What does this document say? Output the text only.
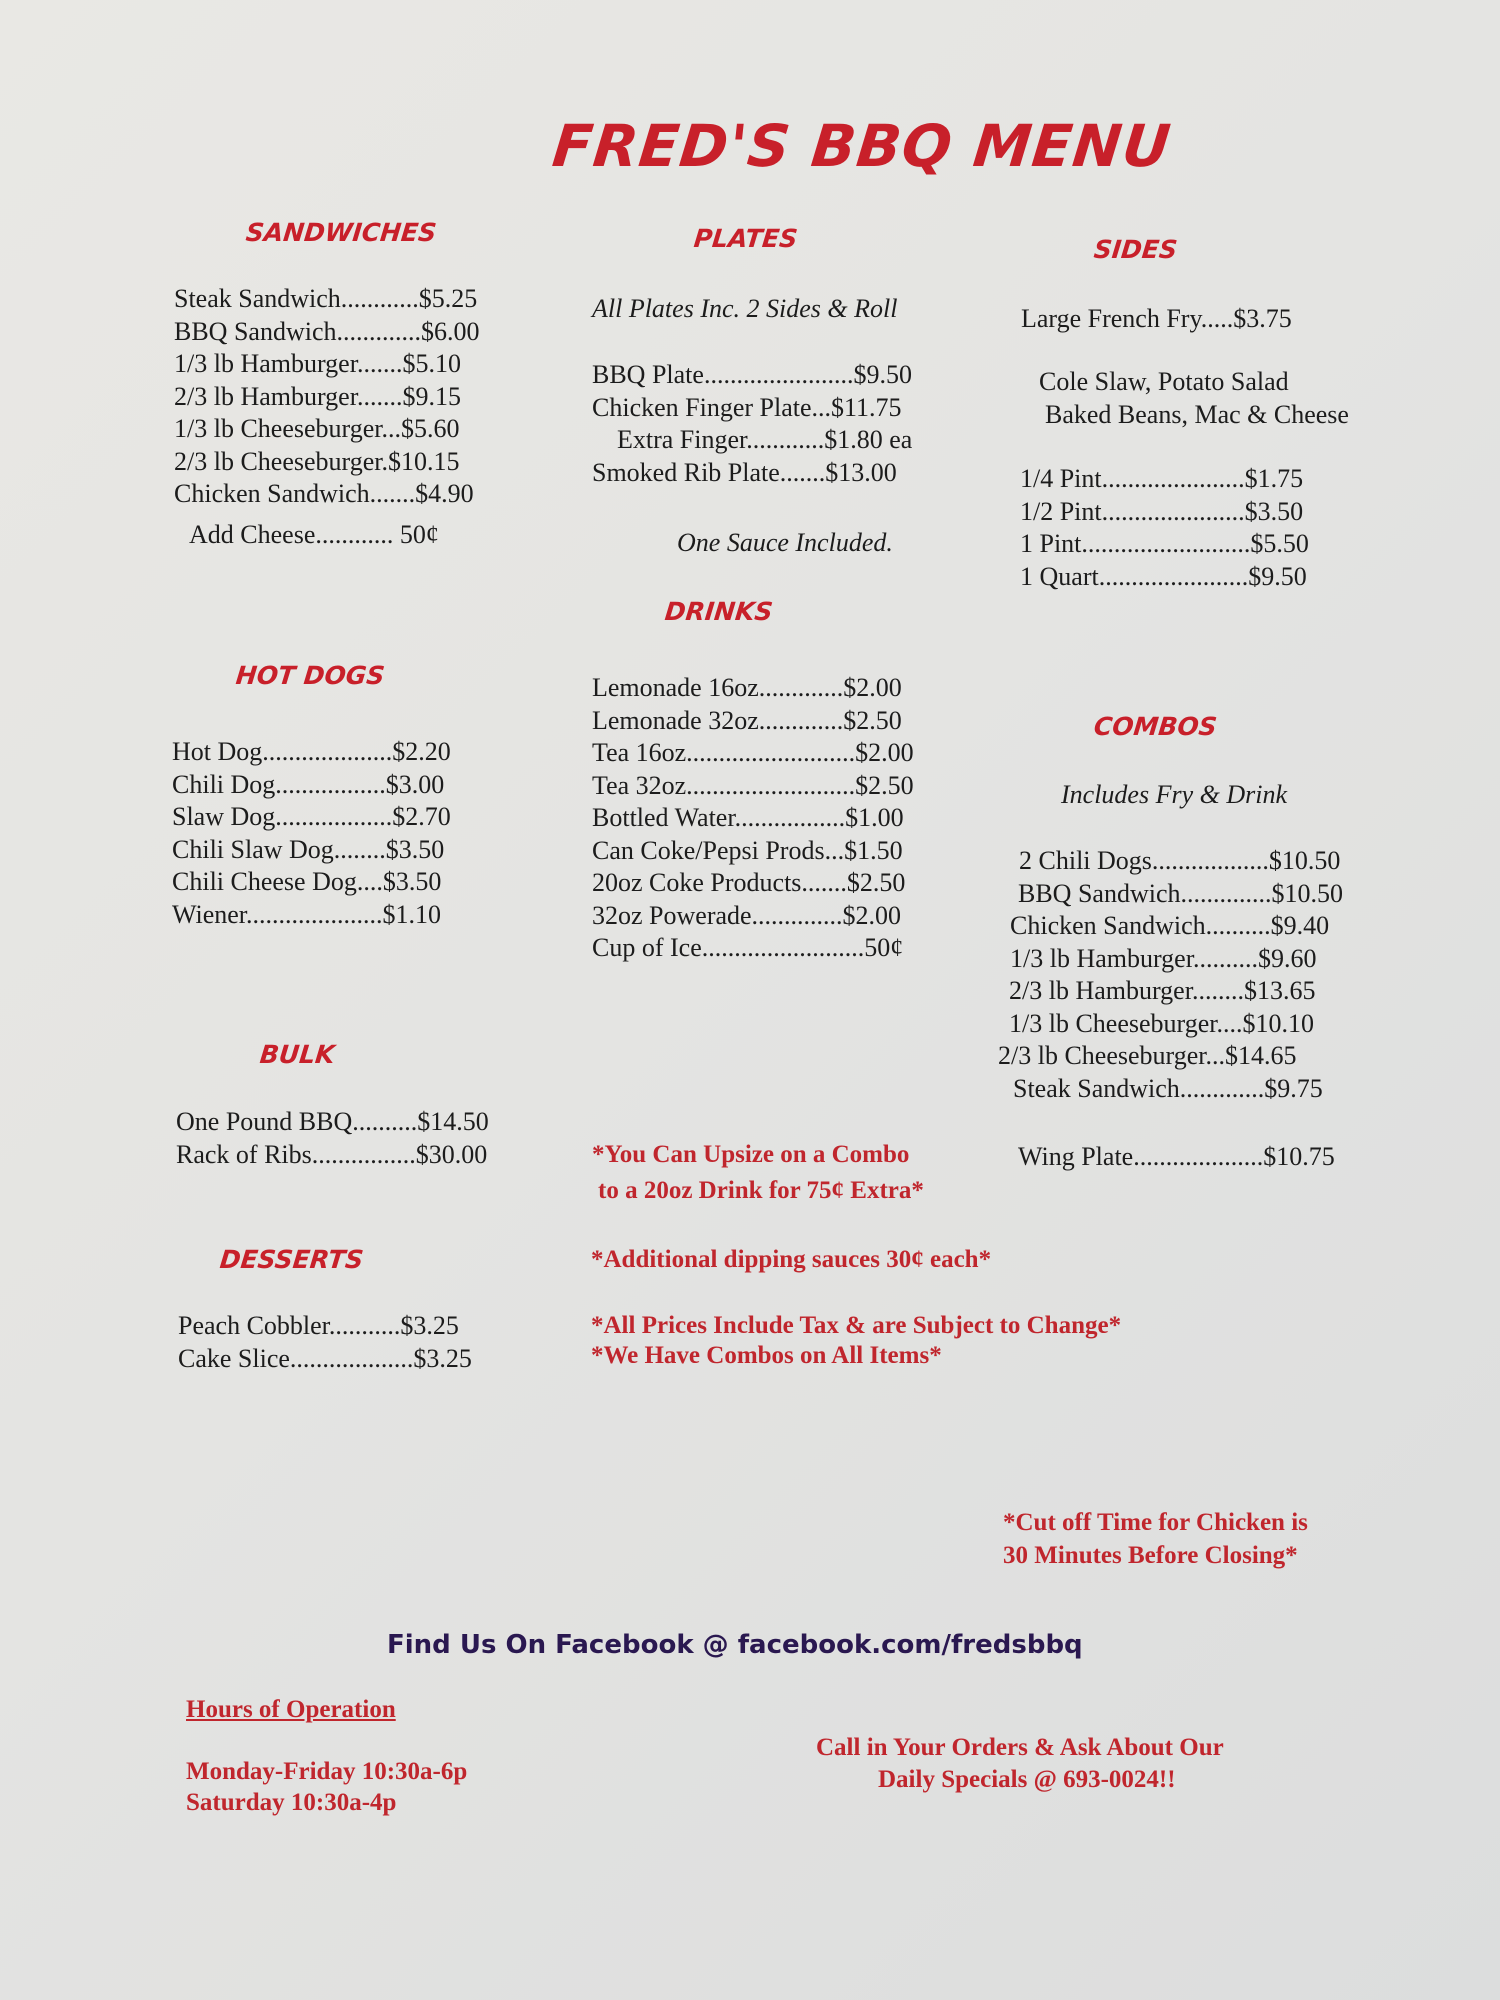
FRED'S BBQ MENU
SANDWICHES
Steak Sandwich............$5.25
BBQ Sandwich.............$6.00
1/3 lb Hamburger.......$5.10
2/3 lb Hamburger.......$9.15
1/3 lb Cheeseburger...$5.60
2/3 lb Cheeseburger.$10.15
Chicken Sandwich.......$4.90
Add Cheese............ 50¢
PLATES
All Plates Inc. 2 Sides & Roll
BBQ Plate.......................$9.50
Chicken Finger Plate...$11.75
Extra Finger............$1.80 ea
Smoked Rib Plate.......$13.00
One Sauce Included.
SIDES
Large French Fry.....$3.75
Cole Slaw, Potato Salad
Baked Beans, Mac & Cheese
1/4 Pint......................$1.75
1/2 Pint......................$3.50
1 Pint..........................$5.50
1 Quart.......................$9.50
DRINKS
Lemonade 16oz.............$2.00
Lemonade 32oz.............$2.50
Tea 16oz..........................$2.00
Tea 32oz..........................$2.50
Bottled Water.................$1.00
Can Coke/Pepsi Prods...$1.50
20oz Coke Products.......$2.50
32oz Powerade..............$2.00
Cup of Ice.........................50¢
HOT DOGS
Hot Dog....................$2.20
Chili Dog.................$3.00
Slaw Dog..................$2.70
Chili Slaw Dog........$3.50
Chili Cheese Dog....$3.50
Wiener.....................$1.10
COMBOS
Includes Fry & Drink
2 Chili Dogs..................$10.50
BBQ Sandwich..............$10.50
Chicken Sandwich..........$9.40
1/3 lb Hamburger..........$9.60
2/3 lb Hamburger........$13.65
1/3 lb Cheeseburger....$10.10
2/3 lb Cheeseburger...$14.65
Steak Sandwich.............$9.75
Wing Plate....................$10.75
BULK
One Pound BBQ..........$14.50
Rack of Ribs................$30.00
DESSERTS
Peach Cobbler...........$3.25
Cake Slice...................$3.25
*You Can Upsize on a Combo
to a 20oz Drink for 75¢ Extra*
*Additional dipping sauces 30¢ each*
*All Prices Include Tax & are Subject to Change*
*We Have Combos on All Items*
*Cut off Time for Chicken is
30 Minutes Before Closing*
Find Us On Facebook @ facebook.com/fredsbbq
Hours of Operation
Monday-Friday 10:30a-6p
Saturday 10:30a-4p
Call in Your Orders & Ask About Our
Daily Specials @ 693-0024!!
